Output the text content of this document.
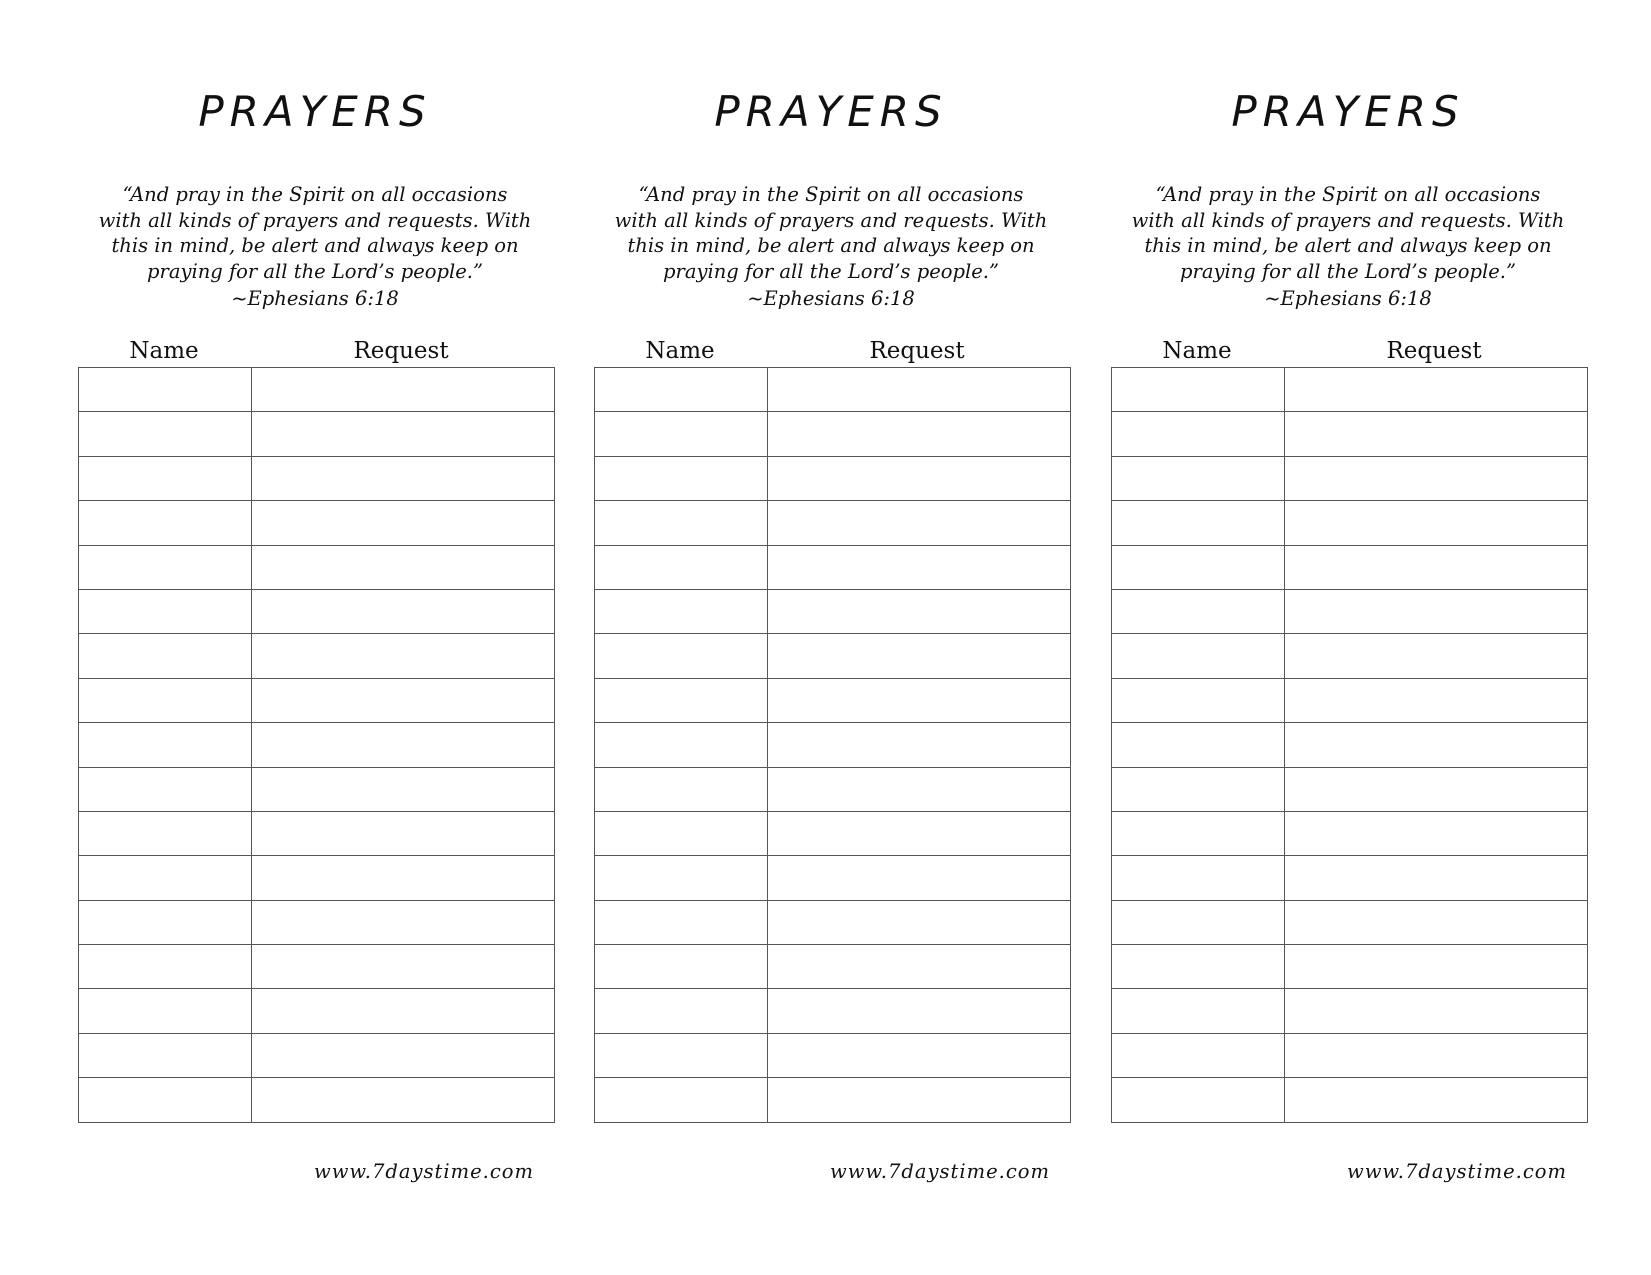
PRAYERS
“And pray in the Spirit on all occasions
with all kinds of prayers and requests. With
this in mind, be alert and always keep on
praying for all the Lord’s people.”
~Ephesians 6:18
Name	Request

www.7daystime.com
PRAYERS
“And pray in the Spirit on all occasions
with all kinds of prayers and requests. With
this in mind, be alert and always keep on
praying for all the Lord’s people.”
~Ephesians 6:18
Name	Request

www.7daystime.com
PRAYERS
“And pray in the Spirit on all occasions
with all kinds of prayers and requests. With
this in mind, be alert and always keep on
praying for all the Lord’s people.”
~Ephesians 6:18
Name	Request

www.7daystime.com
